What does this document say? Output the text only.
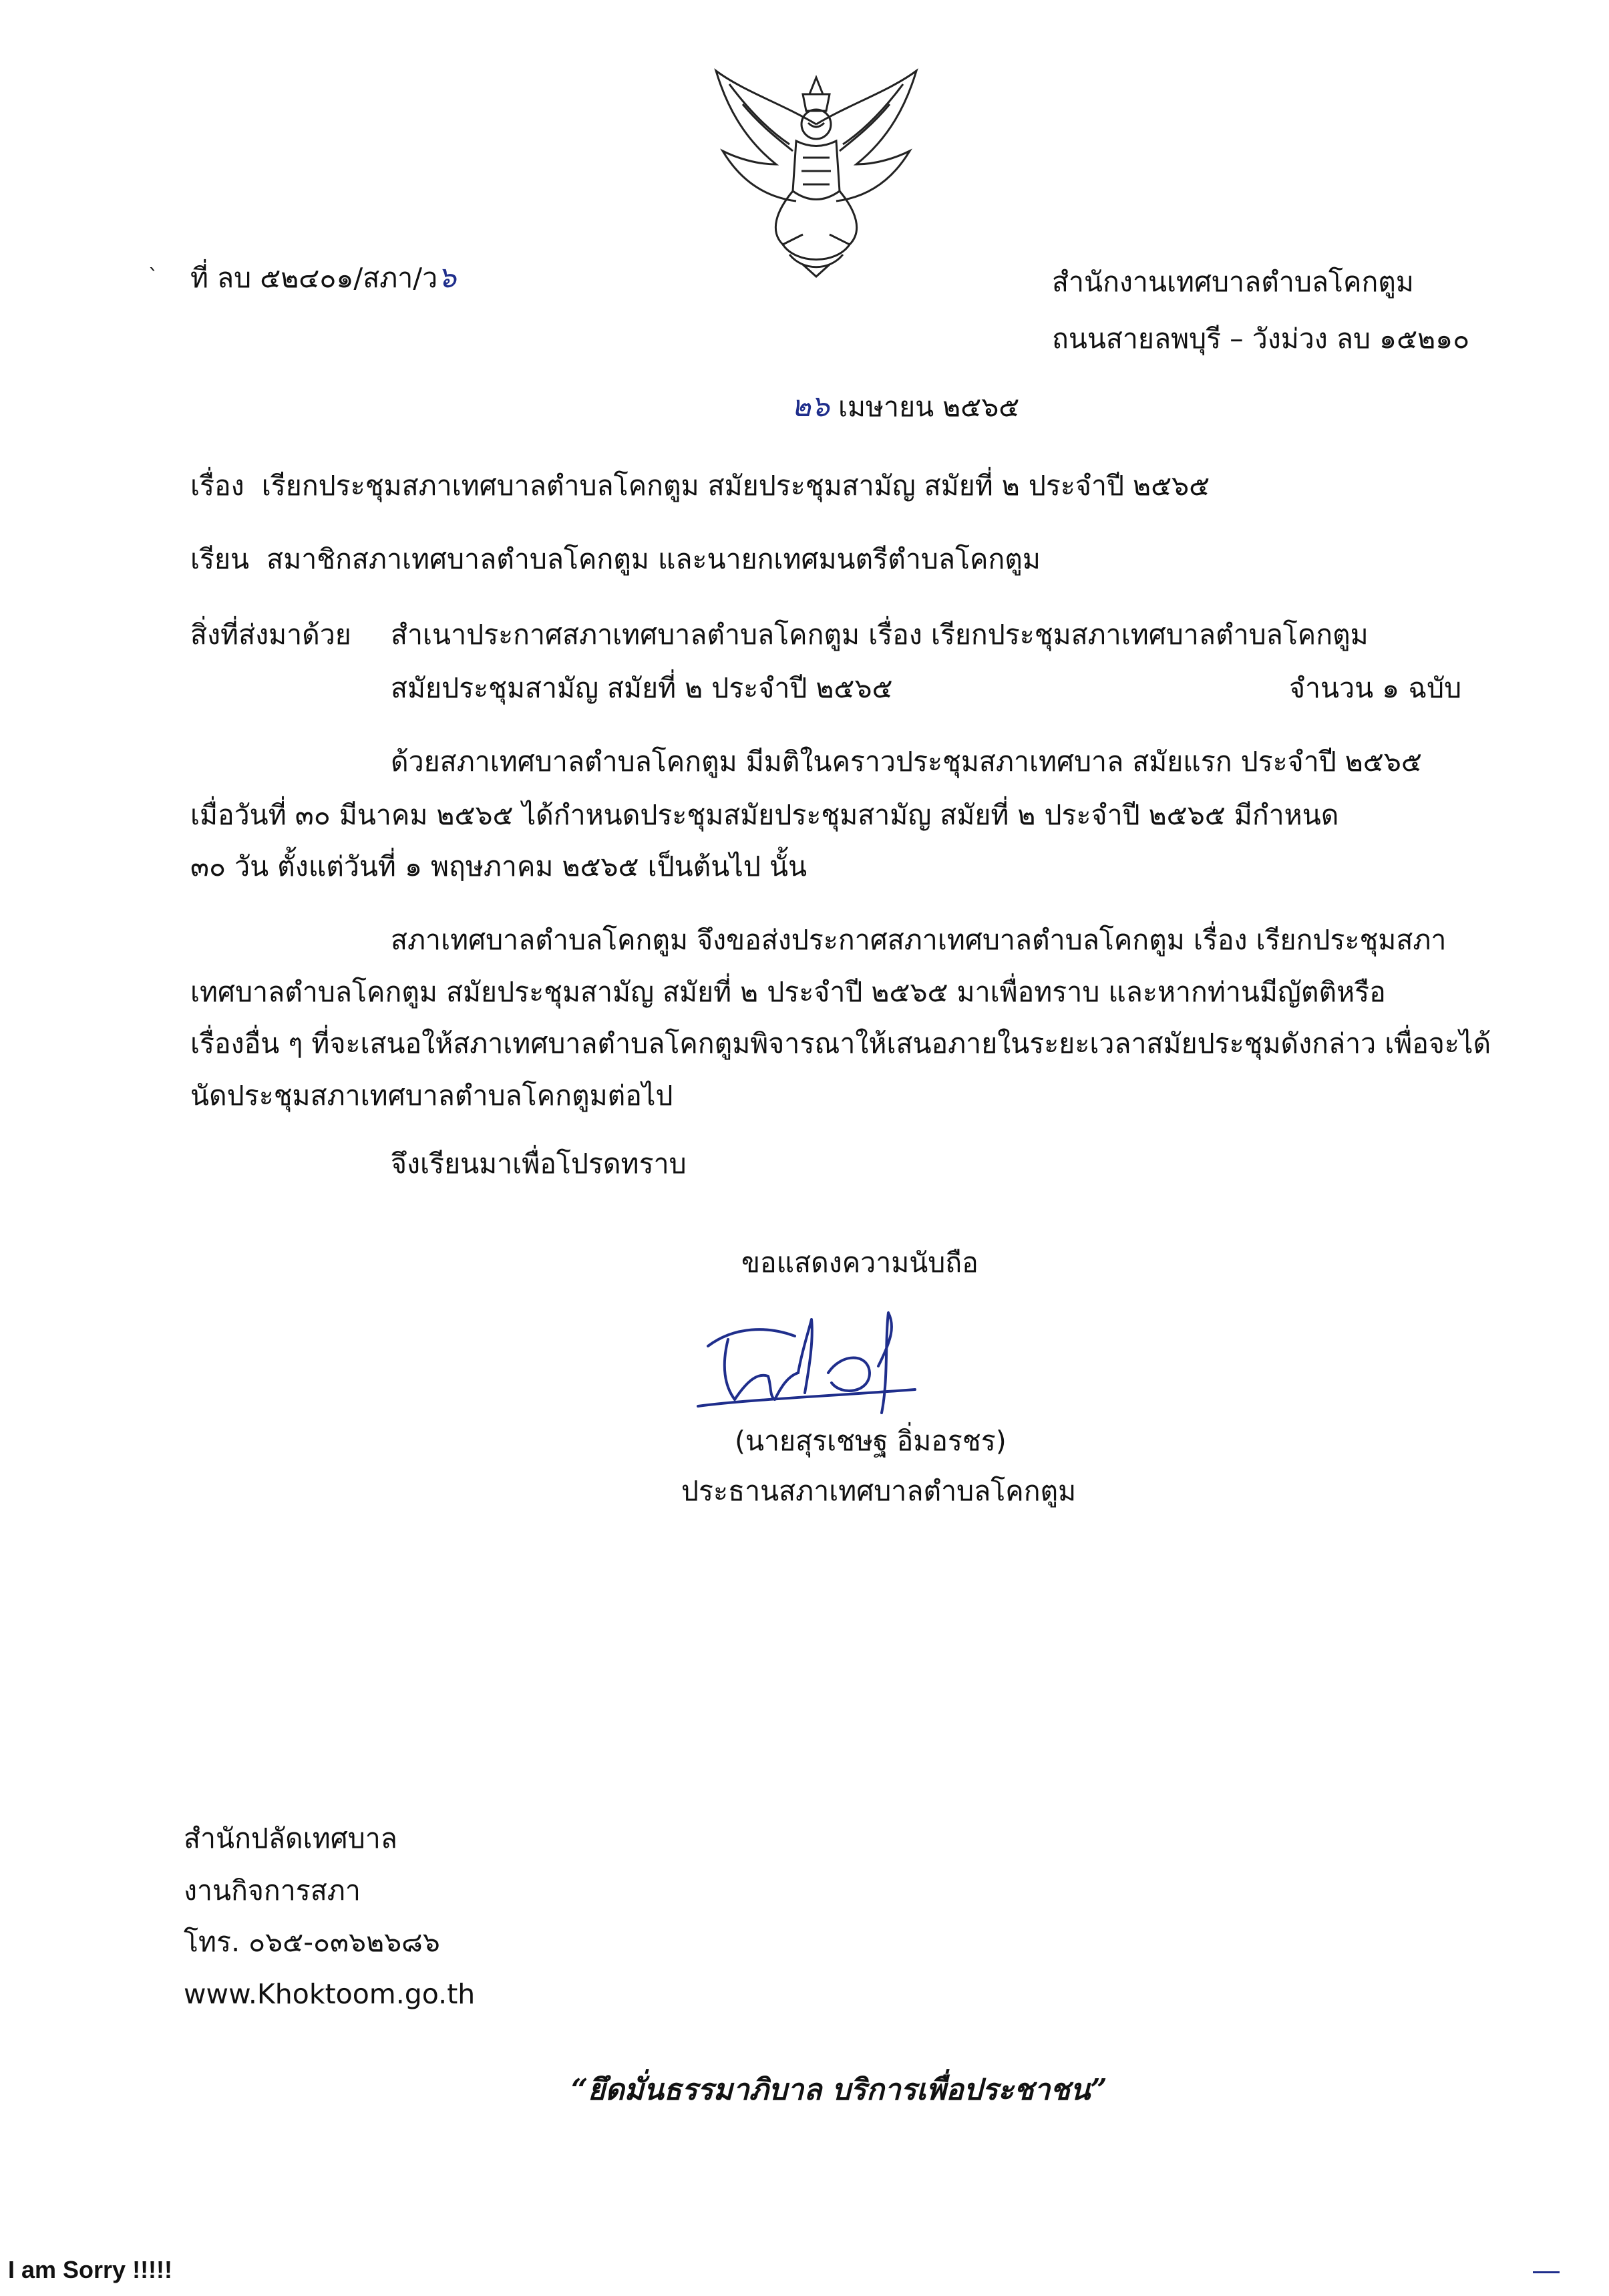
` ที่ ลบ ๕๒๔๐๑/สภา/ว๖	สำนักงานเทศบาลตำบลโคกตูม
ถนนสายลพบุรี – วังม่วง ลบ ๑๕๒๑๐
๒๖ เมษายน ๒๕๖๕
เรื่อง เรียกประชุมสภาเทศบาลตำบลโคกตูม สมัยประชุมสามัญ สมัยที่ ๒ ประจำปี ๒๕๖๕
เรียน สมาชิกสภาเทศบาลตำบลโคกตูม และนายกเทศมนตรีตำบลโคกตูม
สิ่งที่ส่งมาด้วย สำเนาประกาศสภาเทศบาลตำบลโคกตูม เรื่อง เรียกประชุมสภาเทศบาลตำบลโคกตูม
สมัยประชุมสามัญ สมัยที่ ๒ ประจำปี ๒๕๖๕	จำนวน ๑ ฉบับ
ด้วยสภาเทศบาลตำบลโคกตูม มีมติในคราวประชุมสภาเทศบาล สมัยแรก ประจำปี ๒๕๖๕
เมื่อวันที่ ๓๐ มีนาคม ๒๕๖๕ ได้กำหนดประชุมสมัยประชุมสามัญ สมัยที่ ๒ ประจำปี ๒๕๖๕ มีกำหนด
๓๐ วัน ตั้งแต่วันที่ ๑ พฤษภาคม ๒๕๖๕ เป็นต้นไป นั้น
สภาเทศบาลตำบลโคกตูม จึงขอส่งประกาศสภาเทศบาลตำบลโคกตูม เรื่อง เรียกประชุมสภา
เทศบาลตำบลโคกตูม สมัยประชุมสามัญ สมัยที่ ๒ ประจำปี ๒๕๖๕ มาเพื่อทราบ และหากท่านมีญัตติหรือ
เรื่องอื่น ๆ ที่จะเสนอให้สภาเทศบาลตำบลโคกตูมพิจารณาให้เสนอภายในระยะเวลาสมัยประชุมดังกล่าว เพื่อจะได้
นัดประชุมสภาเทศบาลตำบลโคกตูมต่อไป
จึงเรียนมาเพื่อโปรดทราบ
ขอแสดงความนับถือ
(นายสุรเชษฐ อิ่มอรชร)
ประธานสภาเทศบาลตำบลโคกตูม
สำนักปลัดเทศบาล
งานกิจการสภา
โทร. ๐๖๕-๐๓๖๒๖๘๖
www.Khoktoom.go.th
“ยึดมั่นธรรมาภิบาล บริการเพื่อประชาชน”
I am Sorry !!!!!
